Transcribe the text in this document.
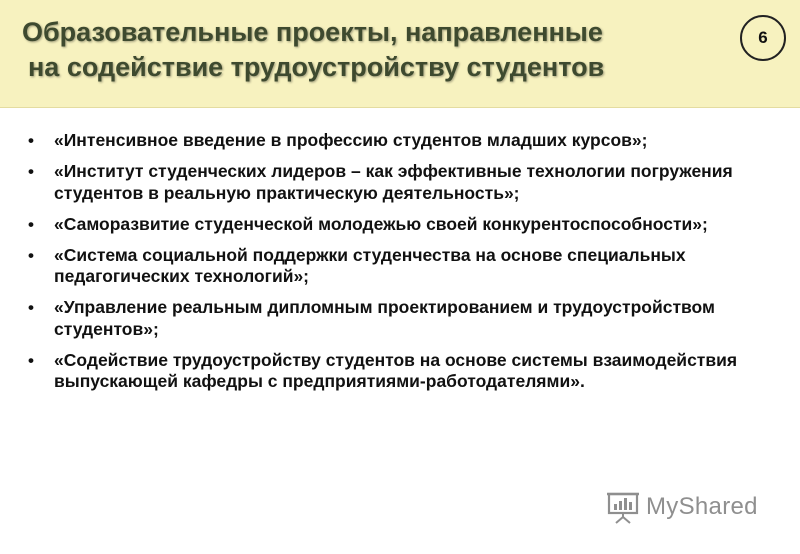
Образовательные проекты, направленные
на содействие трудоустройству студентов
6
• «Интенсивное введение в профессию студентов младших курсов»;
• «Институт студенческих лидеров – как эффективные технологии погружения студентов в реальную практическую деятельность»;
• «Саморазвитие студенческой молодежью своей конкурентоспособности»;
• «Система социальной поддержки студенчества на основе специальных педагогических технологий»;
• «Управление реальным дипломным проектированием и трудоустройством студентов»;
• «Содействие трудоустройству студентов на основе системы взаимодействия выпускающей кафедры с предприятиями-работодателями».
MyShared
